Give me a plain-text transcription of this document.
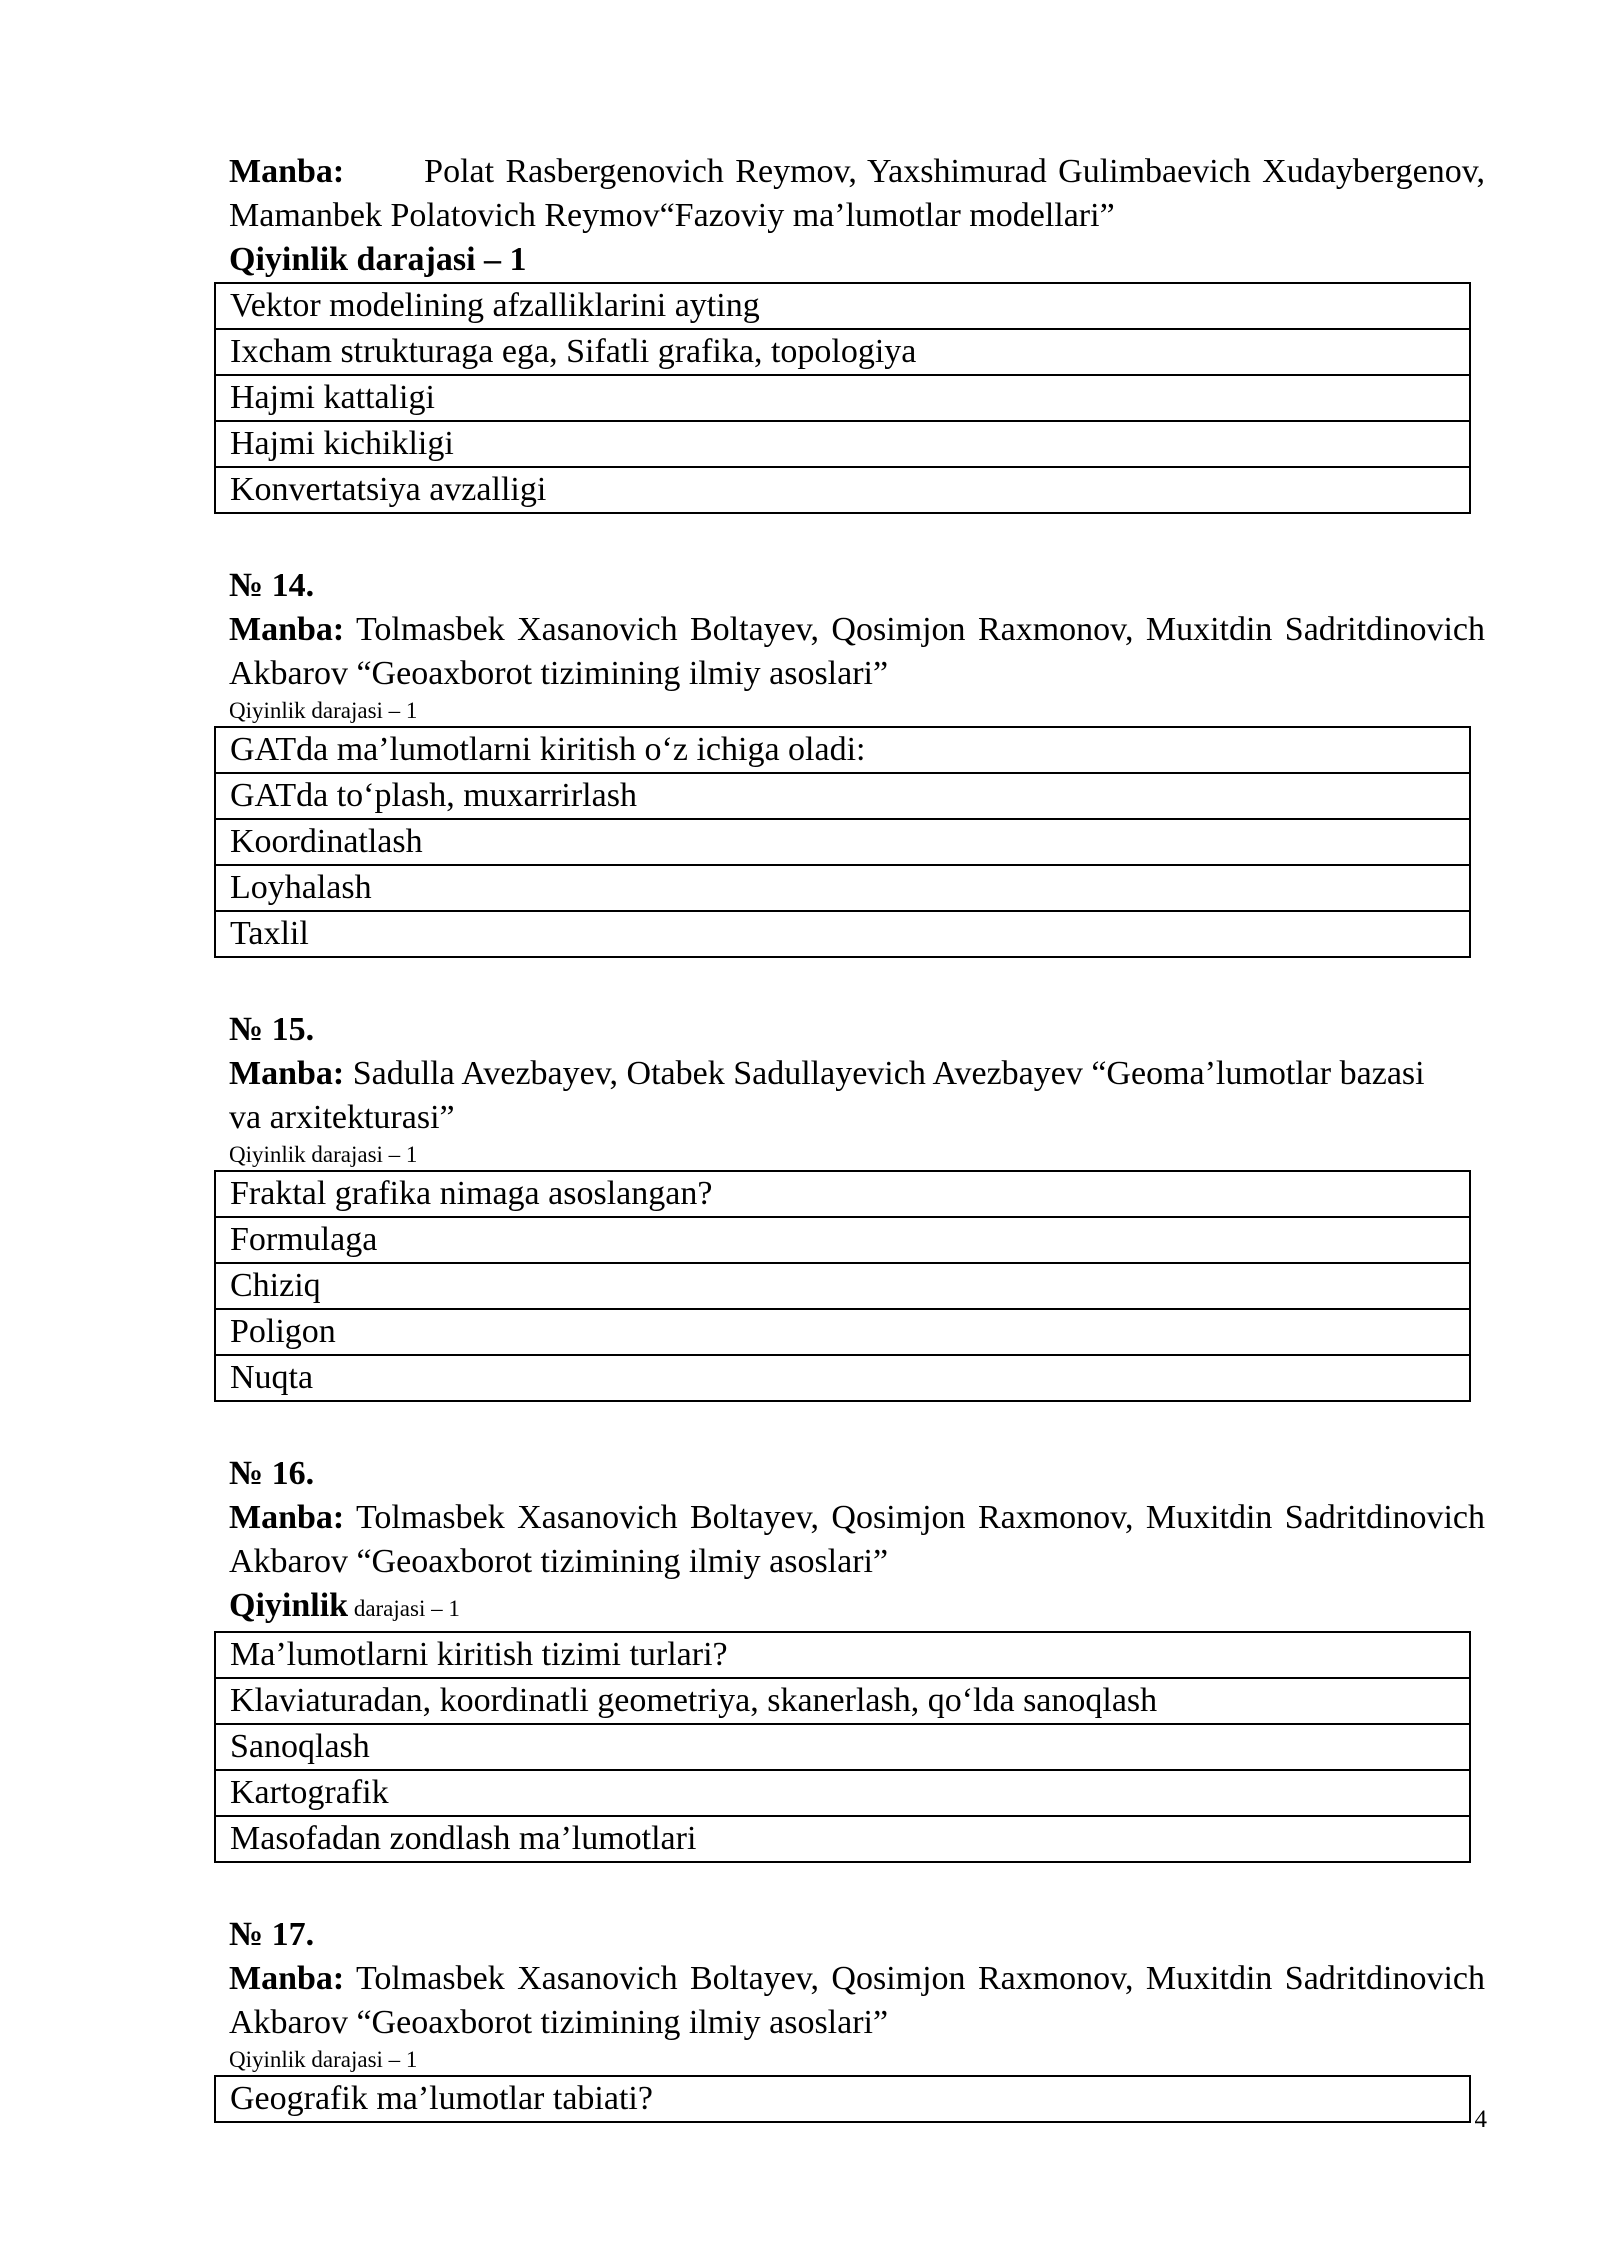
Manba: Polat Rasbergenovich Reymov, Yaxshimurad Gulimbaevich Xudaybergenov, Mamanbek Polatovich Reymov“Fazoviy ma’lumotlar modellari”

Qiyinlik darajasi – 1

Vektor modelining afzalliklarini ayting
Ixcham strukturaga ega, Sifatli grafika, topologiya
Hajmi kattaligi
Hajmi kichikligi
Konvertatsiya avzalligi

№ 14.

Manba: Tolmasbek Xasanovich Boltayev, Qosimjon Raxmonov, Muxitdin Sadritdinovich Akbarov “Geoaxborot tizimining ilmiy asoslari”

Qiyinlik darajasi – 1

GATda ma’lumotlarni kiritish o‘z ichiga oladi:
GATda to‘plash, muxarrirlash
Koordinatlash
Loyhalash
Taxlil

№ 15.

Manba: Sadulla Avezbayev, Otabek Sadullayevich Avezbayev “Geoma’lumotlar bazasi

va arxitekturasi”

Qiyinlik darajasi – 1

Fraktal grafika nimaga asoslangan?
Formulaga
Chiziq
Poligon
Nuqta

№ 16.

Manba: Tolmasbek Xasanovich Boltayev, Qosimjon Raxmonov, Muxitdin Sadritdinovich Akbarov “Geoaxborot tizimining ilmiy asoslari”

Qiyinlik darajasi – 1

Ma’lumotlarni kiritish tizimi turlari?
Klaviaturadan, koordinatli geometriya, skanerlash, qo‘lda sanoqlash
Sanoqlash
Kartografik
Masofadan zondlash ma’lumotlari

№ 17.

Manba: Tolmasbek Xasanovich Boltayev, Qosimjon Raxmonov, Muxitdin Sadritdinovich Akbarov “Geoaxborot tizimining ilmiy asoslari”

Qiyinlik darajasi – 1

Geografik ma’lumotlar tabiati?
4
